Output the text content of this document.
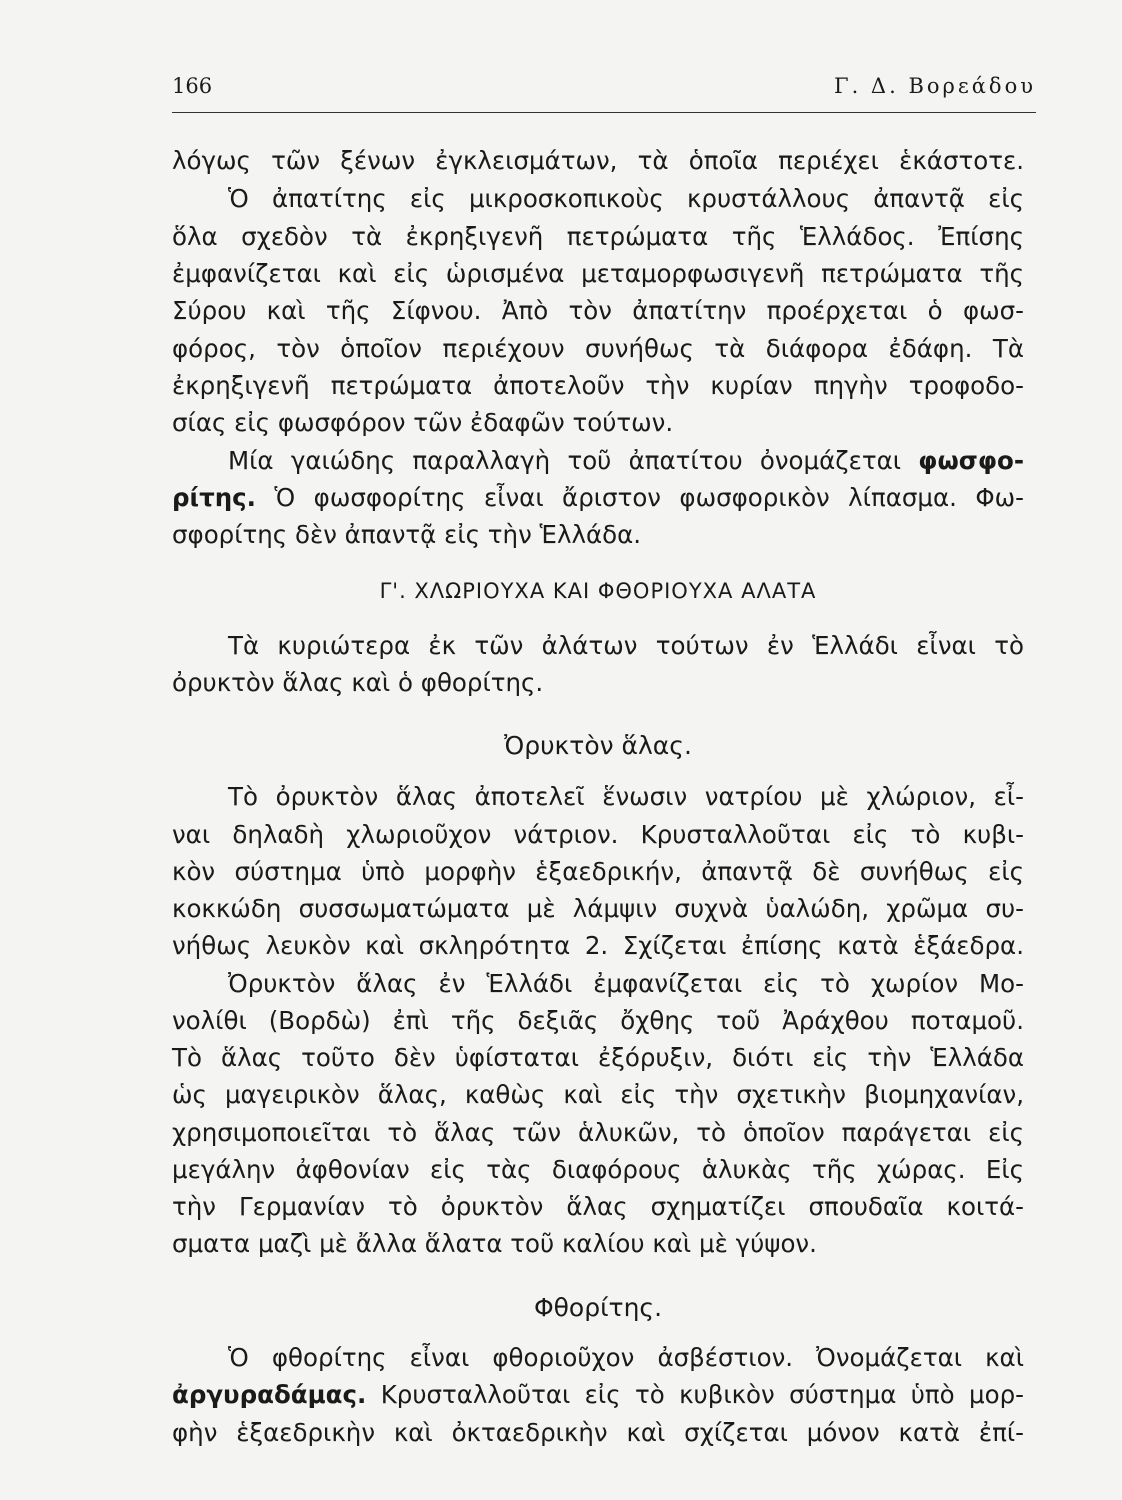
166	Γ. Δ. Βορεάδου
λόγως τῶν ξένων ἐγκλεισμάτων, τὰ ὁποῖα περιέχει ἑκάστοτε.
Ὁ ἀπατίτης εἰς μικροσκοπικοὺς κρυστάλλους ἀπαντᾷ εἰς
ὅλα σχεδὸν τὰ ἐκρηξιγενῆ πετρώματα τῆς Ἑλλάδος. Ἐπίσης
ἐμφανίζεται καὶ εἰς ὡρισμένα μεταμορφωσιγενῆ πετρώματα τῆς
Σύρου καὶ τῆς Σίφνου. Ἀπὸ τὸν ἀπατίτην προέρχεται ὁ φωσ-
φόρος, τὸν ὁποῖον περιέχουν συνήθως τὰ διάφορα ἐδάφη. Τὰ
ἐκρηξιγενῆ πετρώματα ἀποτελοῦν τὴν κυρίαν πηγὴν τροφοδο-
σίας εἰς φωσφόρον τῶν ἐδαφῶν τούτων.
Μία γαιώδης παραλλαγὴ τοῦ ἀπατίτου ὀνομάζεται φωσφο-
ρίτης. Ὁ φωσφορίτης εἶναι ἄριστον φωσφορικὸν λίπασμα. Φω-
σφορίτης δὲν ἀπαντᾷ εἰς τὴν Ἑλλάδα.
Γ'. ΧΛΩΡΙΟΥΧΑ ΚΑΙ ΦΘΟΡΙΟΥΧΑ ΑΛΑΤΑ
Τὰ κυριώτερα ἐκ τῶν ἀλάτων τούτων ἐν Ἑλλάδι εἶναι τὸ
ὀρυκτὸν ἅλας καὶ ὁ φθορίτης.
Ὀρυκτὸν ἅλας.
Τὸ ὀρυκτὸν ἅλας ἀποτελεῖ ἕνωσιν νατρίου μὲ χλώριον, εἶ-
ναι δηλαδὴ χλωριοῦχον νάτριον. Κρυσταλλοῦται εἰς τὸ κυβι-
κὸν σύστημα ὑπὸ μορφὴν ἑξαεδρικήν, ἀπαντᾷ δὲ συνήθως εἰς
κοκκώδη συσσωματώματα μὲ λάμψιν συχνὰ ὑαλώδη, χρῶμα συ-
νήθως λευκὸν καὶ σκληρότητα 2. Σχίζεται ἐπίσης κατὰ ἑξάεδρα.
Ὀρυκτὸν ἅλας ἐν Ἑλλάδι ἐμφανίζεται εἰς τὸ χωρίον Μο-
νολίθι (Βορδὼ) ἐπὶ τῆς δεξιᾶς ὄχθης τοῦ Ἀράχθου ποταμοῦ.
Τὸ ἅλας τοῦτο δὲν ὑφίσταται ἐξόρυξιν, διότι εἰς τὴν Ἑλλάδα
ὡς μαγειρικὸν ἅλας, καθὼς καὶ εἰς τὴν σχετικὴν βιομηχανίαν,
χρησιμοποιεῖται τὸ ἅλας τῶν ἁλυκῶν, τὸ ὁποῖον παράγεται εἰς
μεγάλην ἀφθονίαν εἰς τὰς διαφόρους ἁλυκὰς τῆς χώρας. Εἰς
τὴν Γερμανίαν τὸ ὀρυκτὸν ἅλας σχηματίζει σπουδαῖα κοιτά-
σματα μαζὶ μὲ ἄλλα ἅλατα τοῦ καλίου καὶ μὲ γύψον.
Φθορίτης.
Ὁ φθορίτης εἶναι φθοριοῦχον ἀσβέστιον. Ὀνομάζεται καὶ
ἀργυραδάμας. Κρυσταλλοῦται εἰς τὸ κυβικὸν σύστημα ὑπὸ μορ-
φὴν ἑξαεδρικὴν καὶ ὀκταεδρικὴν καὶ σχίζεται μόνον κατὰ ἐπί-
